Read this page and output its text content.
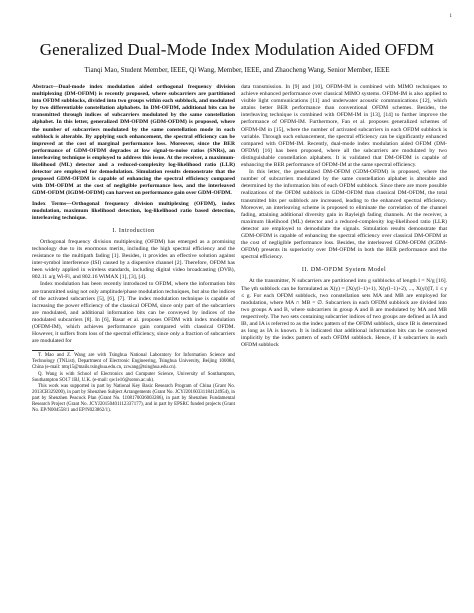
1
Generalized Dual-Mode Index Modulation Aided OFDM
Tianqi Mao, Student Member, IEEE, Qi Wang, Member, IEEE, and Zhaocheng Wang, Senior Member, IEEE

Abstract—Dual-mode index modulation aided orthogonal frequency division multiplexing (DM-OFDM) is recently proposed, where subcarriers are partitioned into OFDM subblocks, divided into two groups within each subblock, and modulated by two differentiable constellation alphabets. In DM-OFDM, additional bits can be transmitted through indices of subcarriers modulated by the same constellation alphabet. In this letter, generalized DM-OFDM (GDM-OFDM) is proposed, where the number of subcarriers modulated by the same constellation mode in each subblock is alterable. By applying such enhancement, the spectral efficiency can be improved at the cost of marginal performance loss. Moreover, since the BER performance of GDM-OFDM degrades at low signal-to-noise ratios (SNRs), an interleaving technique is employed to address this issue. At the receiver, a maximum-likelihood (ML) detector and a reduced-complexity log-likelihood ratio (LLR) detector are employed for demodulation. Simulation results demonstrate that the proposed GDM-OFDM is capable of enhancing the spectral efficiency compared with DM-OFDM at the cost of negligible performance loss, and the interleaved GDM-OFDM (IGDM-OFDM) can harvest on performance gain over GDM-OFDM.

Index Terms—Orthogonal frequency division multiplexing (OFDM), index modulation, maximum likelihood detection, log-likelihood ratio based detection, interleaving technique.

I. Introduction

Orthogonal frequency division multiplexing (OFDM) has emerged as a promising technology due to its enormous merits, including the high spectral efficiency and the resistance to the multipath fading [1]. Besides, it provides an effective solution against inter-symbol interference (ISI) caused by a dispersive channel [2]. Therefore, OFDM has been widely applied in wireless standards, including digital video broadcasting (DVB), 802.11 a/g Wi-Fi, and 802.16 WiMAX [1], [3], [4].

Index modulation has been recently introduced to OFDM, where the information bits are transmitted using not only amplitude/phase modulation techniques, but also the indices of the activated subcarriers [5], [6], [7]. The index modulation technique is capable of increasing the power efficiency of the classical OFDM, since only part of the subcarriers are modulated, and additional information bits can be conveyed by indices of the modulated subcarriers [8]. In [6], Basar et al. proposes OFDM with index modulation (OFDM-IM), which achieves performance gain compared with classical OFDM. However, it suffers from loss of the spectral efficiency, since only a fraction of subcarriers are modulated for

T. Mao and Z. Wang are with Tsinghua National Laboratory for Information Science and Technology (TNList), Department of Electronic Engineering, Tsinghua University, Beijing 100084, China (e-mail: mtq15@mails.tsinghua.edu.cn, zcwang@tsinghua.edu.cn).

Q. Wang is with School of Electronics and Computer Science, University of Southampton, Southampton SO17 1BJ, U.K. (e-mail: qw1e16@soton.ac.uk).

This work was supported in part by National Key Basic Research Program of China (Grant No. 2013CB329200), in part by Shenzhen Subject Arrangements (Grant No. JCYJ20160331184124954), in part by Shenzhen Peacock Plan (Grant No. 1108170036003286), in part by Shenzhen Fundamental Research Project (Grant No. JCYJ20150401112337177), and in part by EPSRC funded projects (Grant No. EP/N004558/1 and EP/N023862/1).

data transmission. In [9] and [10], OFDM-IM is combined with MIMO techniques to achieve enhanced performance over classical MIMO systems. OFDM-IM is also applied to visible light communications [11] and underwater acoustic communications [12], which attains better BER performance than conventional OFDM schemes. Besides, the interleaving technique is combined with OFDM-IM in [13], [14] to further improve the performance of OFDM-IM. Furthermore, Fan et al. proposes generalized schemes of OFDM-IM in [15], where the number of activated subcarriers in each OFDM subblock is variable. Through such enhancement, the spectral efficiency can be significantly enhanced compared with OFDM-IM. Recently, dual-mode index modulation aided OFDM (DM-OFDM) [16] has been proposed, where all the subcarriers are modulated by two distinguishable constellation alphabets. It is validated that DM-OFDM is capable of enhancing the BER performance of OFDM-IM at the same spectral efficiency.

In this letter, the generalized DM-OFDM (GDM-OFDM) is proposed, where the number of subcarriers modulated by the same constellation alphabet is alterable and determined by the information bits of each OFDM subblock. Since there are more possible realizations of the OFDM subblock in GDM-OFDM than classical DM-OFDM, the total transmitted bits per subblock are increased, leading to the enhanced spectral efficiency. Moreover, an interleaving scheme is proposed to eliminate the correlation of the channel fading, attaining additional diversity gain in Rayleigh fading channels. At the receiver, a maximum likelihood (ML) detector and a reduced-complexity log-likelihood ratio (LLR) detector are employed to demodulate the signals. Simulation results demonstrate that GDM-OFDM is capable of enhancing the spectral efficiency over classical DM-OFDM at the cost of negligible performance loss. Besides, the interleaved GDM-OFDM (IGDM-OFDM) presents its superiority over DM-OFDM in both the BER performance and the spectral efficiency.

II. DM-OFDM System Model

At the transmitter, N subcarriers are partitioned into g subblocks of length l = N/g [16]. The γth subblock can be formulated as X(γ) = [X(γ(l−1)+1), X(γ(l−1)+2), ..., X(γl)]T, 1 ≤ γ ≤ g. For each OFDM subblock, two constellation sets MA and MB are employed for modulation, where MA ∩ MB = ∅. Subcarriers in each OFDM subblock are divided into two groups A and B, where subcarriers in group A and B are modulated by MA and MB respectively. The two sets containing subcarrier indices of two groups are defined as IA and IB, and IA is referred to as the index pattern of the OFDM subblock, since IB is determined as long as IA is known. It is indicated that additional information bits can be conveyed implicitly by the index pattern of each OFDM subblock. Hence, if k subcarriers in each OFDM subblock
